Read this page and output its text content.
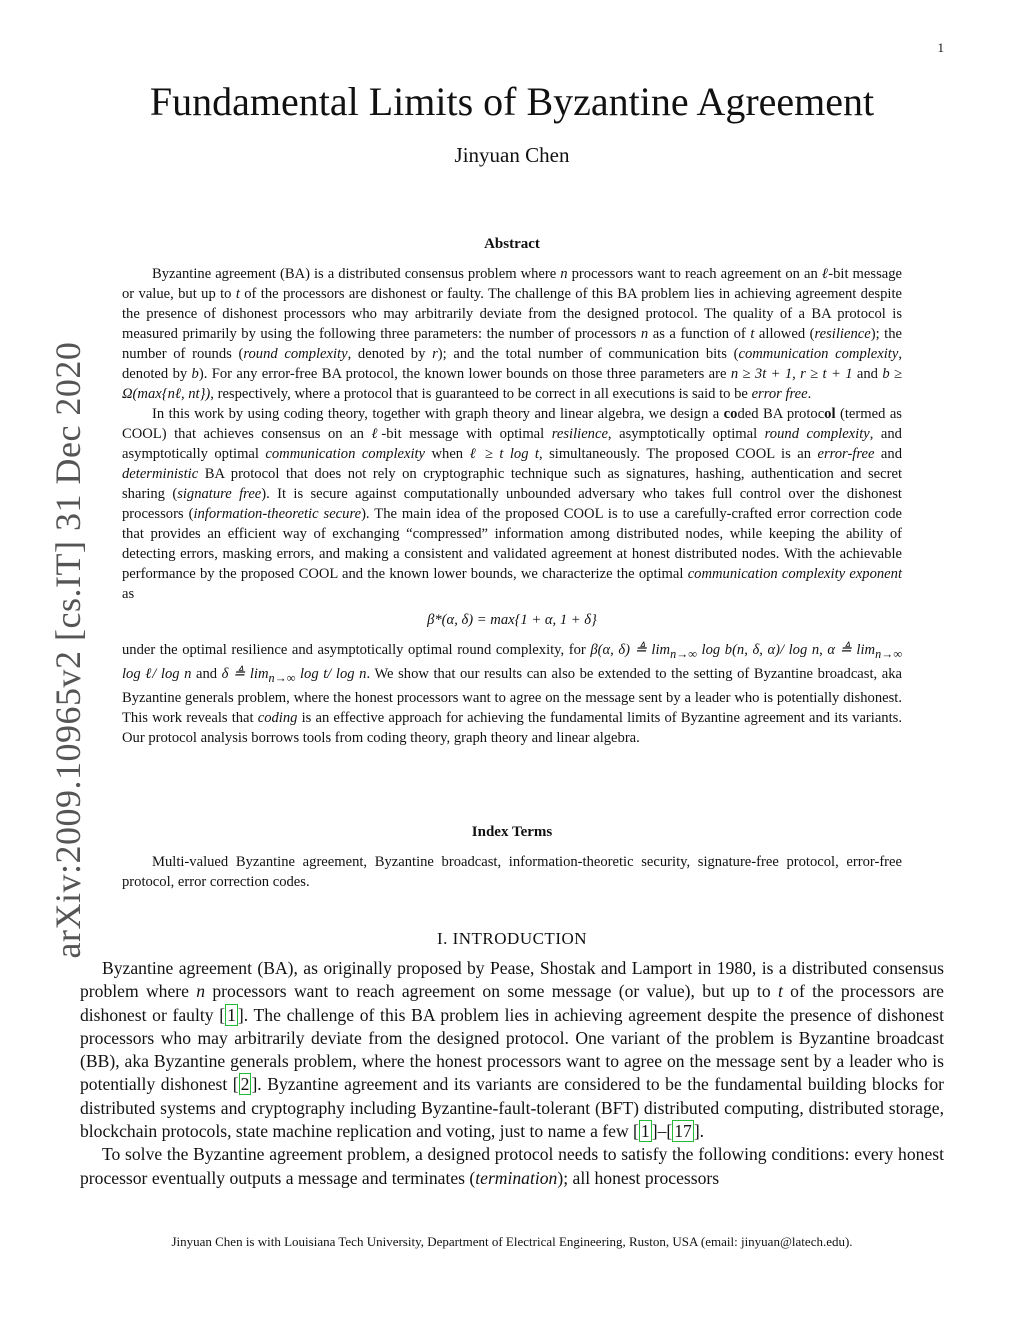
1
arXiv:2009.10965v2 [cs.IT] 31 Dec 2020
Fundamental Limits of Byzantine Agreement
Jinyuan Chen
Abstract

Byzantine agreement (BA) is a distributed consensus problem where n processors want to reach agreement on an ℓ-bit message or value, but up to t of the processors are dishonest or faulty. The challenge of this BA problem lies in achieving agreement despite the presence of dishonest processors who may arbitrarily deviate from the designed protocol. The quality of a BA protocol is measured primarily by using the following three parameters: the number of processors n as a function of t allowed (resilience); the number of rounds (round complexity, denoted by r); and the total number of communication bits (communication complexity, denoted by b). For any error-free BA protocol, the known lower bounds on those three parameters are n ≥ 3t + 1, r ≥ t + 1 and b ≥ Ω(max{nℓ, nt}), respectively, where a protocol that is guaranteed to be correct in all executions is said to be error free.

In this work by using coding theory, together with graph theory and linear algebra, we design a coded BA protocol (termed as COOL) that achieves consensus on an ℓ-bit message with optimal resilience, asymptotically optimal round complexity, and asymptotically optimal communication complexity when ℓ ≥ t log t, simultaneously. The proposed COOL is an error-free and deterministic BA protocol that does not rely on cryptographic technique such as signatures, hashing, authentication and secret sharing (signature free). It is secure against computationally unbounded adversary who takes full control over the dishonest processors (information-theoretic secure). The main idea of the proposed COOL is to use a carefully-crafted error correction code that provides an efficient way of exchanging “compressed” information among distributed nodes, while keeping the ability of detecting errors, masking errors, and making a consistent and validated agreement at honest distributed nodes. With the achievable performance by the proposed COOL and the known lower bounds, we characterize the optimal communication complexity exponent as

β*(α, δ) = max{1 + α, 1 + δ}

under the optimal resilience and asymptotically optimal round complexity, for β(α, δ) ≜ $\lim_{n\to\infty} \log b(n$, δ, α)/ log n, α ≜ $\lim_{n\to\infty} \log$ ℓ/ log n and δ ≜ $\lim_{n\to\infty} \log t/$ log n. We show that our results can also be extended to the setting of Byzantine broadcast, aka Byzantine generals problem, where the honest processors want to agree on the message sent by a leader who is potentially dishonest. This work reveals that coding is an effective approach for achieving the fundamental limits of Byzantine agreement and its variants. Our protocol analysis borrows tools from coding theory, graph theory and linear algebra.

Index Terms

Multi-valued Byzantine agreement, Byzantine broadcast, information-theoretic security, signature-free protocol, error-free protocol, error correction codes.

I. INTRODUCTION

Byzantine agreement (BA), as originally proposed by Pease, Shostak and Lamport in 1980, is a distributed consensus problem where n processors want to reach agreement on some message (or value), but up to t of the processors are dishonest or faulty [ 1 ]. The challenge of this BA problem lies in achieving agreement despite the presence of dishonest processors who may arbitrarily deviate from the designed protocol. One variant of the problem is Byzantine broadcast (BB), aka Byzantine generals problem, where the honest processors want to agree on the message sent by a leader who is potentially dishonest [ 2 ]. Byzantine agreement and its variants are considered to be the fundamental building blocks for distributed systems and cryptography including Byzantine-fault-tolerant (BFT) distributed computing, distributed storage, blockchain protocols, state machine replication and voting, just to name a few [ 1 ]–[ 17 ].

To solve the Byzantine agreement problem, a designed protocol needs to satisfy the following conditions: every honest processor eventually outputs a message and terminates (termination); all honest processors

Jinyuan Chen is with Louisiana Tech University, Department of Electrical Engineering, Ruston, USA (email: jinyuan@latech.edu).
